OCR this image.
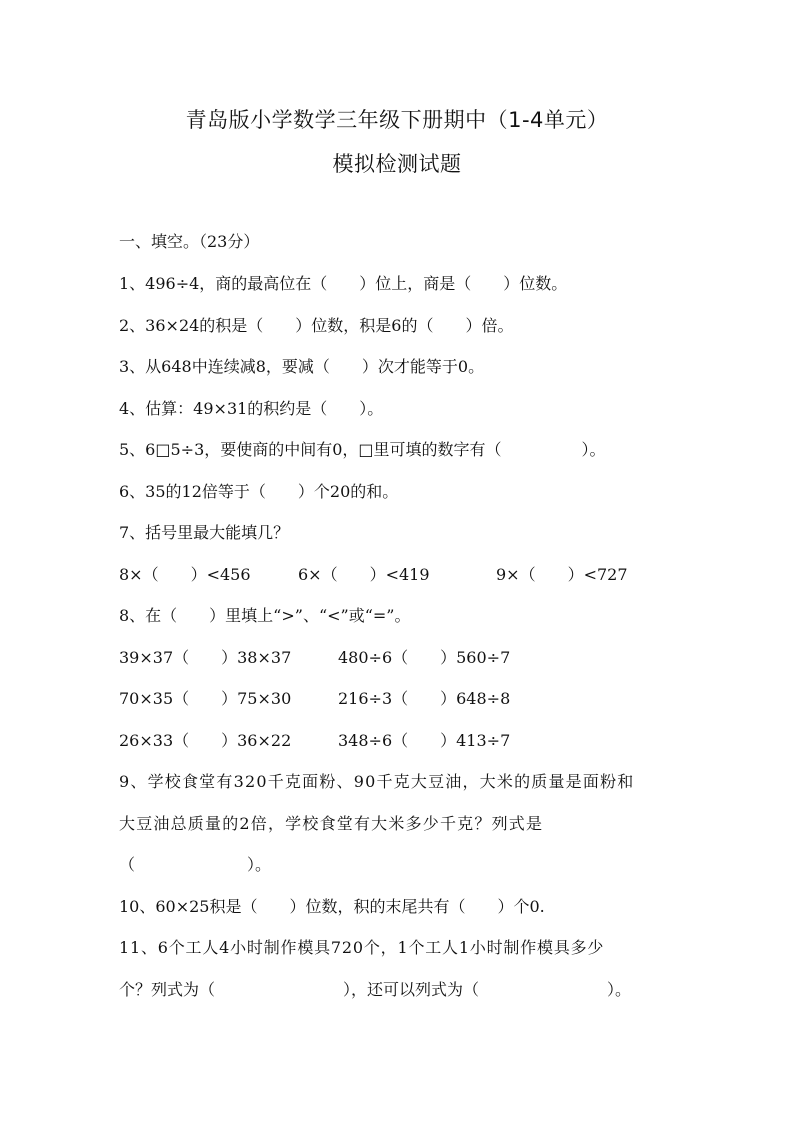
青岛版小学数学三年级下册期中（1-4单元）
模拟检测试题
一、填空。（23分）
1、496÷4，商的最高位在（　　）位上，商是（　　）位数。
2、36×24的积是（　　）位数，积是6的（　　）倍。
3、从648中连续减8，要减（　　）次才能等于0。
4、估算：49×31的积约是（　　）。
5、6□5÷3，要使商的中间有0，□里可填的数字有（　　　　　）。
6、35的12倍等于（　　）个20的和。
7、括号里最大能填几？
8×（　　）<456	6×（　　）<419	9×（　　）<727
8、在（　　）里填上“>”、“<”或“=”。
39×37（　　）38×37	480÷6（　　）560÷7
70×35（　　）75×30	216÷3（　　）648÷8
26×33（　　）36×22	348÷6（　　）413÷7
9、学校食堂有320千克面粉、90千克大豆油，大米的质量是面粉和
大豆油总质量的2倍，学校食堂有大米多少千克？列式是
（　　　　　　　）。
10、60×25积是（　　）位数，积的末尾共有（　　）个0.
11、6个工人4小时制作模具720个，1个工人1小时制作模具多少
个？列式为（　　　　　　　　），还可以列式为（　　　　　　　　）。
